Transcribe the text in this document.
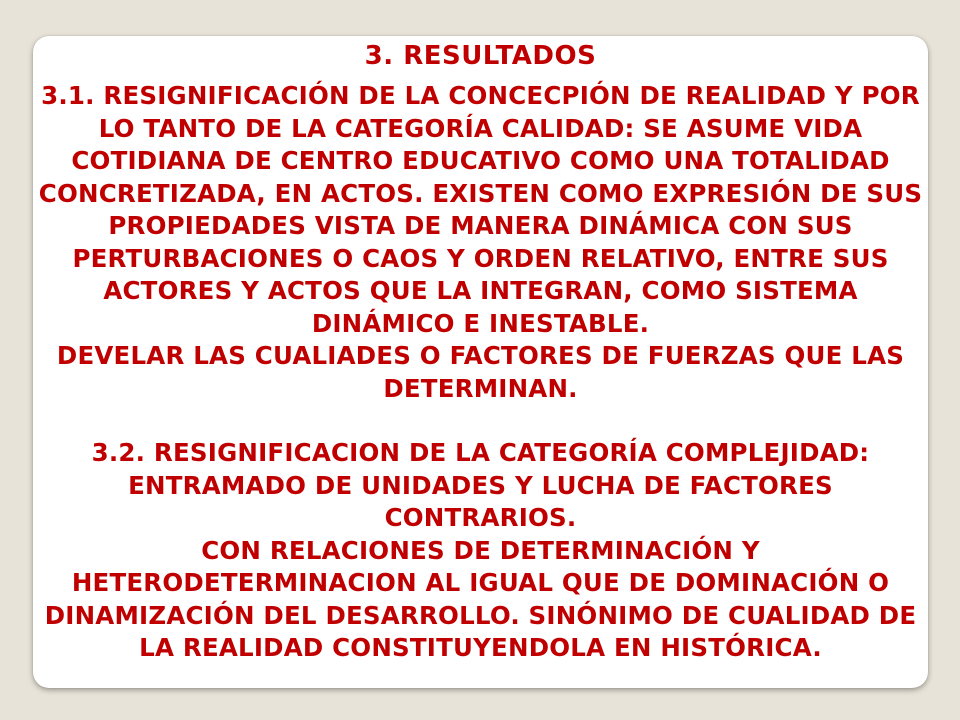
3. RESULTADOS

3.1. RESIGNIFICACIÓN DE LA CONCECPIÓN DE REALIDAD Y POR LO TANTO DE LA CATEGORÍA CALIDAD: SE ASUME VIDA COTIDIANA DE CENTRO EDUCATIVO COMO UNA TOTALIDAD CONCRETIZADA, EN ACTOS. EXISTEN COMO EXPRESIÓN DE SUS PROPIEDADES VISTA DE MANERA DINÁMICA CON SUS PERTURBACIONES O CAOS Y ORDEN RELATIVO, ENTRE SUS ACTORES Y ACTOS QUE LA INTEGRAN, COMO SISTEMA DINÁMICO E INESTABLE.

DEVELAR LAS CUALIADES O FACTORES DE FUERZAS QUE LAS DETERMINAN.

3.2. RESIGNIFICACION DE LA CATEGORÍA COMPLEJIDAD: ENTRAMADO DE UNIDADES Y LUCHA DE FACTORES CONTRARIOS.

CON RELACIONES DE DETERMINACIÓN Y HETERODETERMINACION AL IGUAL QUE DE DOMINACIÓN O DINAMIZACIÓN DEL DESARROLLO. SINÓNIMO DE CUALIDAD DE LA REALIDAD CONSTITUYENDOLA EN HISTÓRICA.
